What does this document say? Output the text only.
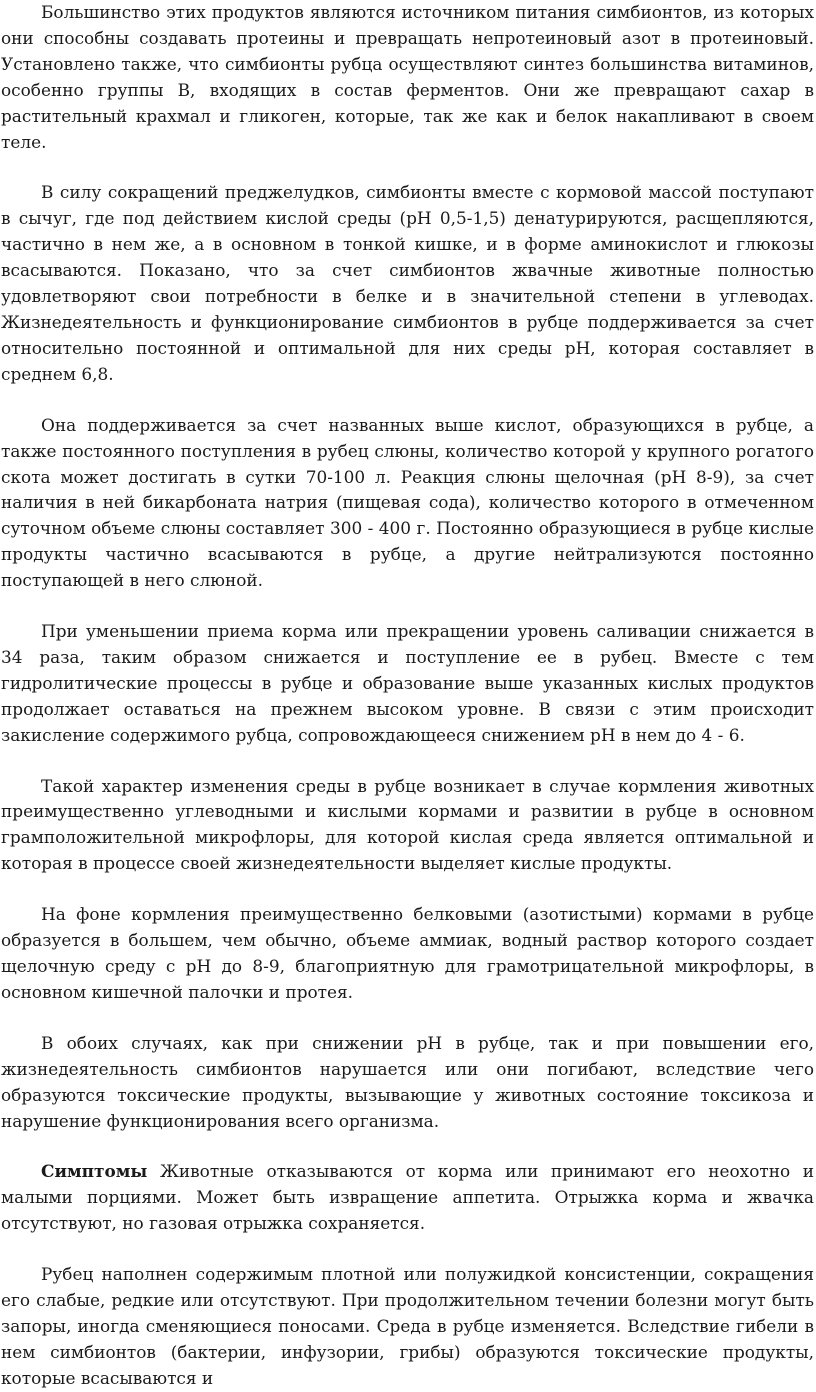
Большинство этих продуктов являются источником питания симбионтов, из которых они способны создавать протеины и превращать непротеиновый азот в протеиновый. Установлено также, что симбионты рубца осуществляют синтез большинства витаминов, особенно группы В, входящих в состав ферментов. Они же превращают сахар в растительный крахмал и гликоген, которые, так же как и белок накапливают в своем теле.

В силу сокращений преджелудков, симбионты вместе с кормовой массой поступают в сычуг, где под действием кислой среды (рН 0,5-1,5) денатурируются, расщепляются, частично в нем же, а в основном в тонкой кишке, и в форме аминокислот и глюкозы всасываются. Показано, что за счет симбионтов жвачные животные полностью удовлетворяют свои потребности в белке и в значительной степени в углеводах. Жизнедеятельность и функционирование симбионтов в рубце поддерживается за счет относительно постоянной и оптимальной для них среды рН, которая составляет в среднем 6,8.

Она поддерживается за счет названных выше кислот, образующихся в рубце, а также постоянного поступления в рубец слюны, количество которой у крупного рогатого скота может достигать в сутки 70-100 л. Реакция слюны щелочная (рН 8-9), за счет наличия в ней бикарбоната натрия (пищевая сода), количество которого в отмеченном суточном объеме слюны составляет 300 - 400 г. Постоянно образующиеся в рубце кислые продукты частично всасываются в рубце, а другие нейтрализуются постоянно поступающей в него слюной.

При уменьшении приема корма или прекращении уровень саливации снижается в 34 раза, таким образом снижается и поступление ее в рубец. Вместе с тем гидролитические процессы в рубце и образование выше указанных кислых продуктов продолжает оставаться на прежнем высоком уровне. В связи с этим происходит закисление содержимого рубца, сопровождающееся снижением рН в нем до 4 - 6.

Такой характер изменения среды в рубце возникает в случае кормления животных преимущественно углеводными и кислыми кормами и развитии в рубце в основном грамположительной микрофлоры, для которой кислая среда является оптимальной и которая в процессе своей жизнедеятельности выделяет кислые продукты.

На фоне кормления преимущественно белковыми (азотистыми) кормами в рубце образуется в большем, чем обычно, объеме аммиак, водный раствор которого создает щелочную среду с рН до 8-9, благоприятную для грамотрицательной микрофлоры, в основном кишечной палочки и протея.

В обоих случаях, как при снижении рН в рубце, так и при повышении его, жизнедеятельность симбионтов нарушается или они погибают, вследствие чего образуются токсические продукты, вызывающие у животных состояние токсикоза и нарушение функционирования всего организма.

Симптомы Животные отказываются от корма или принимают его неохотно и малыми порциями. Может быть извращение аппетита. Отрыжка корма и жвачка отсутствуют, но газовая отрыжка сохраняется.

Рубец наполнен содержимым плотной или полужидкой консистенции, сокращения его слабые, редкие или отсутствуют. При продолжительном течении болезни могут быть запоры, иногда сменяющиеся поносами. Среда в рубце изменяется. Вследствие гибели в нем симбионтов (бактерии, инфузории, грибы) образуются токсические продукты, которые всасываются и
